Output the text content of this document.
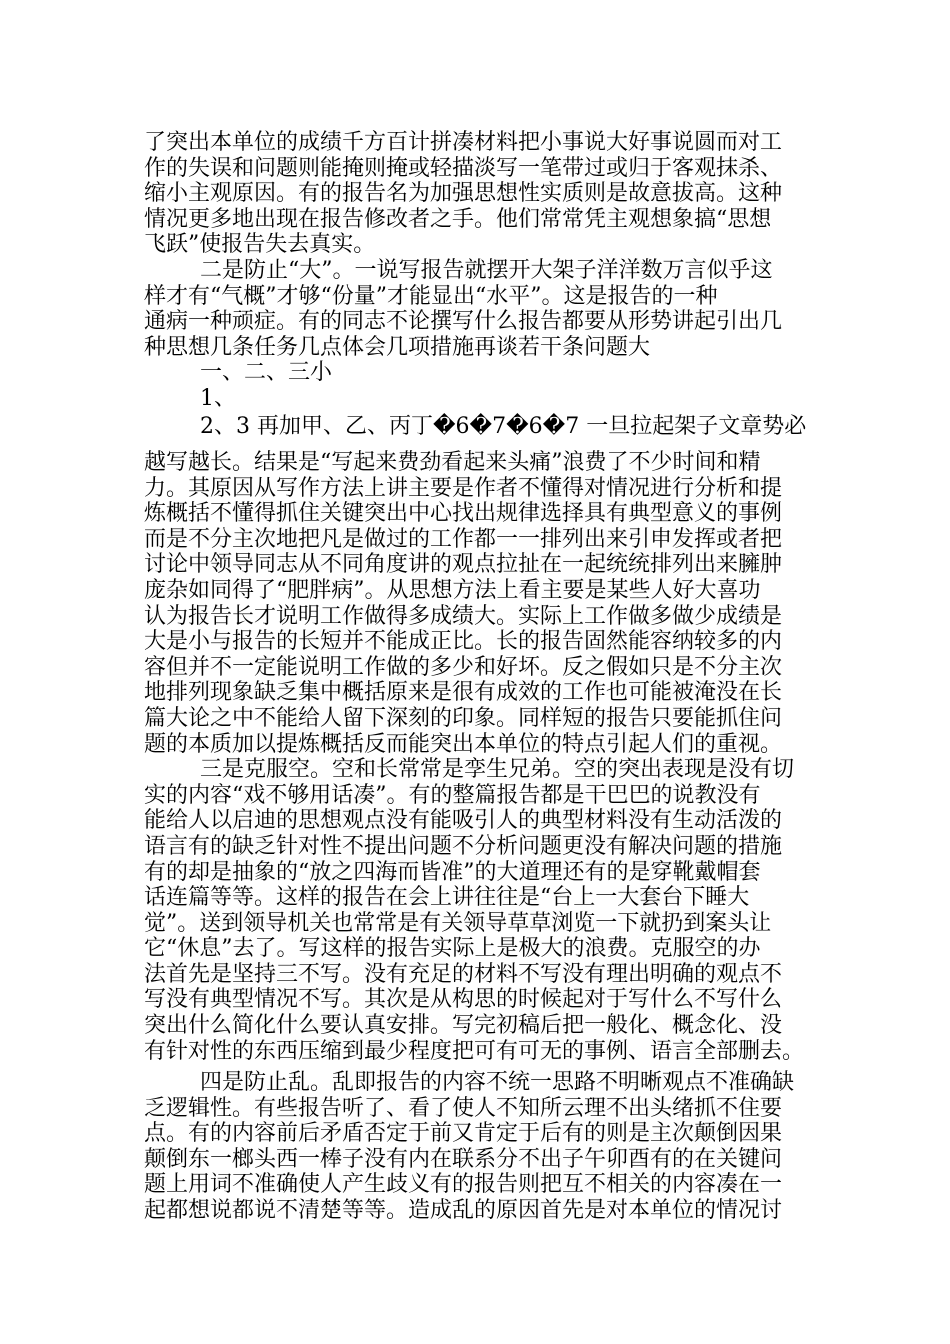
了突出本单位的成绩千方百计拼凑材料把小事说大好事说圆而对工
作的失误和问题则能掩则掩或轻描淡写一笔带过或归于客观抹杀、
缩小主观原因。有的报告名为加强思想性实质则是故意拔高。这种
情况更多地出现在报告修改者之手。他们常常凭主观想象搞“思想
飞跃”使报告失去真实。
二是防止“大”。一说写报告就摆开大架子洋洋数万言似乎这
样才有“气概”才够“份量”才能显出“水平”。这是报告的一种
通病一种顽症。有的同志不论撰写什么报告都要从形势讲起引出几
种思想几条任务几点体会几项措施再谈若干条问题大
一、二、三小
1、
2、3 再加甲、乙、丙丁�6�7�6�7 一旦拉起架子文章势必
越写越长。结果是“写起来费劲看起来头痛”浪费了不少时间和精
力。其原因从写作方法上讲主要是作者不懂得对情况进行分析和提
炼概括不懂得抓住关键突出中心找出规律选择具有典型意义的事例
而是不分主次地把凡是做过的工作都一一排列出来引申发挥或者把
讨论中领导同志从不同角度讲的观点拉扯在一起统统排列出来臃肿
庞杂如同得了“肥胖病”。从思想方法上看主要是某些人好大喜功
认为报告长才说明工作做得多成绩大。实际上工作做多做少成绩是
大是小与报告的长短并不能成正比。长的报告固然能容纳较多的内
容但并不一定能说明工作做的多少和好坏。反之假如只是不分主次
地排列现象缺乏集中概括原来是很有成效的工作也可能被淹没在长
篇大论之中不能给人留下深刻的印象。同样短的报告只要能抓住问
题的本质加以提炼概括反而能突出本单位的特点引起人们的重视。
三是克服空。空和长常常是孪生兄弟。空的突出表现是没有切
实的内容“戏不够用话凑”。有的整篇报告都是干巴巴的说教没有
能给人以启迪的思想观点没有能吸引人的典型材料没有生动活泼的
语言有的缺乏针对性不提出问题不分析问题更没有解决问题的措施
有的却是抽象的“放之四海而皆准”的大道理还有的是穿靴戴帽套
话连篇等等。这样的报告在会上讲往往是“台上一大套台下睡大
觉”。送到领导机关也常常是有关领导草草浏览一下就扔到案头让
它“休息”去了。写这样的报告实际上是极大的浪费。克服空的办
法首先是坚持三不写。没有充足的材料不写没有理出明确的观点不
写没有典型情况不写。其次是从构思的时候起对于写什么不写什么
突出什么简化什么要认真安排。写完初稿后把一般化、概念化、没
有针对性的东西压缩到最少程度把可有可无的事例、语言全部删去。
四是防止乱。乱即报告的内容不统一思路不明晰观点不准确缺
乏逻辑性。有些报告听了、看了使人不知所云理不出头绪抓不住要
点。有的内容前后矛盾否定于前又肯定于后有的则是主次颠倒因果
颠倒东一榔头西一棒子没有内在联系分不出子午卯酉有的在关键问
题上用词不准确使人产生歧义有的报告则把互不相关的内容凑在一
起都想说都说不清楚等等。造成乱的原因首先是对本单位的情况讨
